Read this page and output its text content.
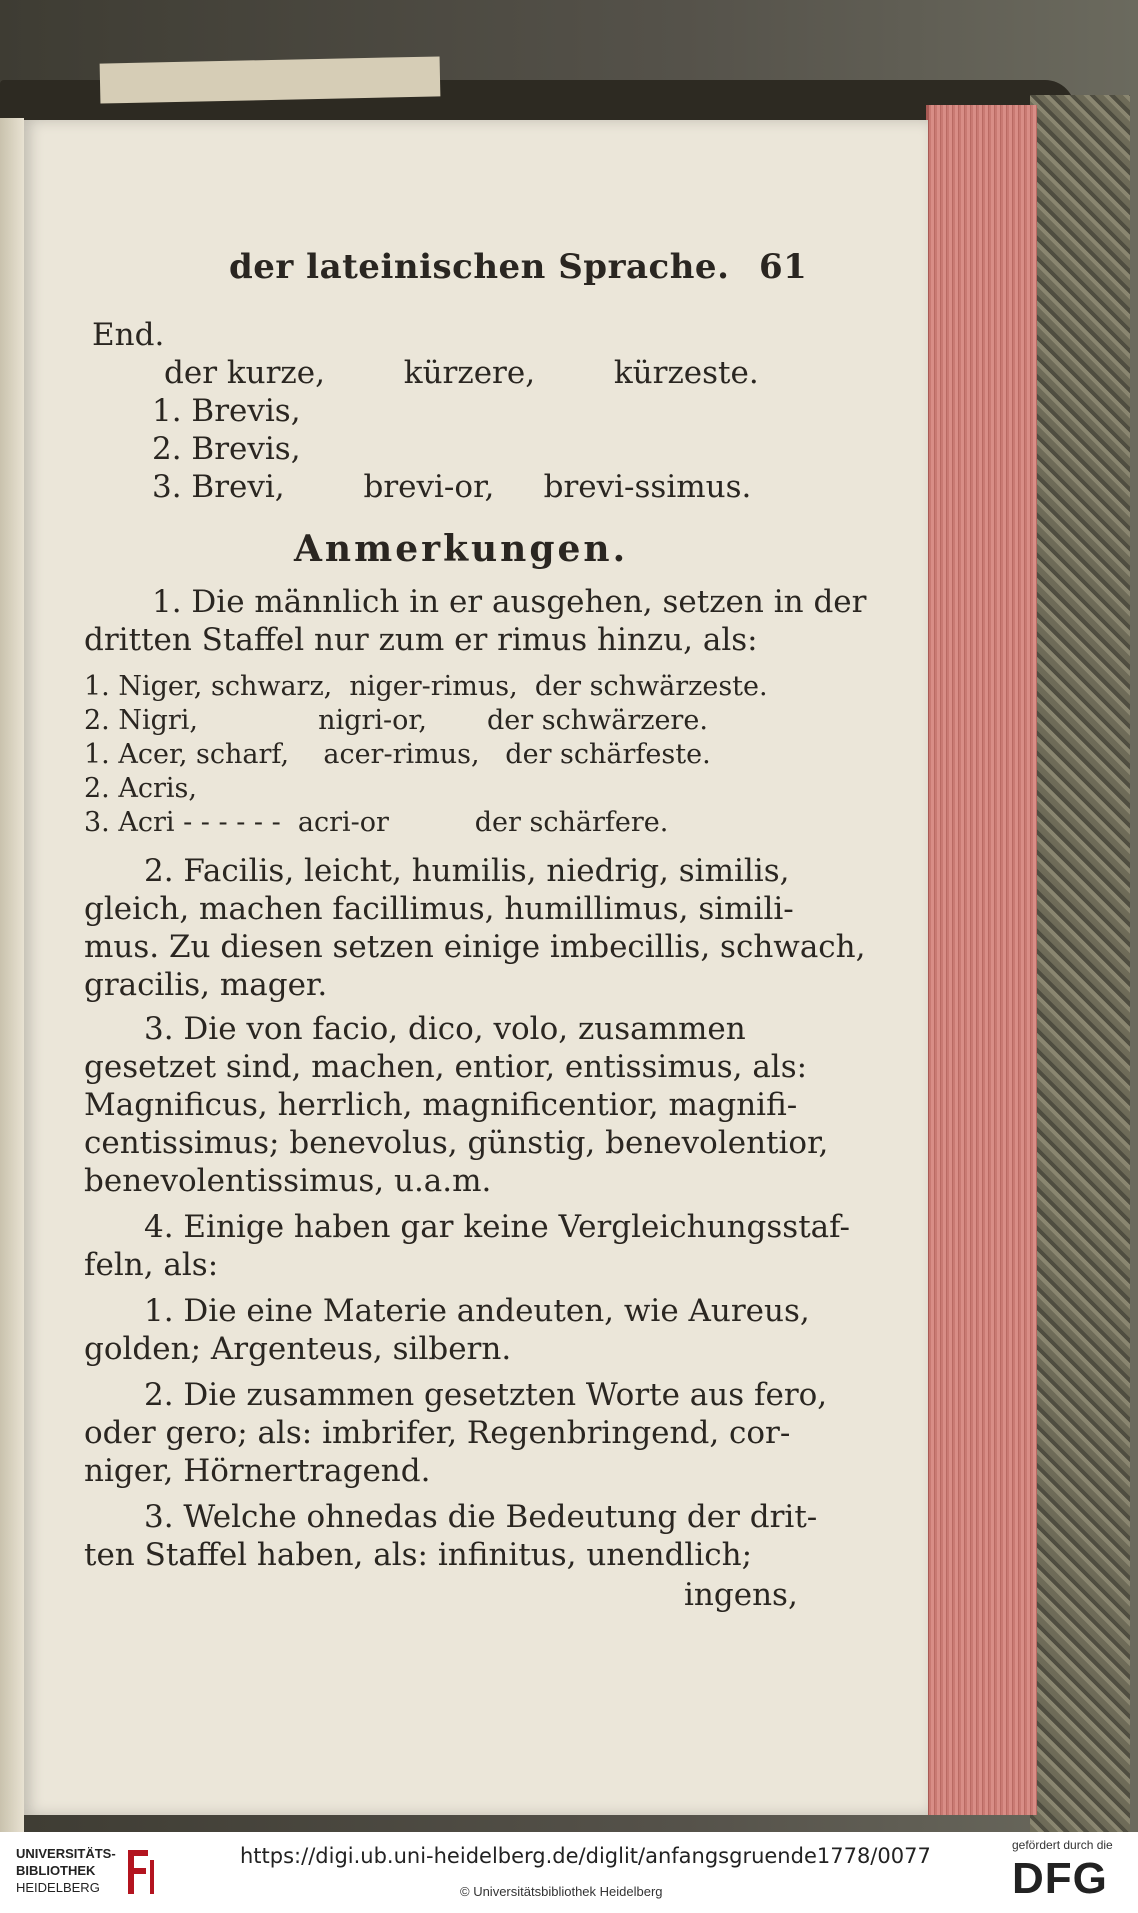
der lateinischen Sprache. 61

End.

der kurze,        kürzere,        kürzeste.

1. Brevis,

2. Brevis,

3. Brevi,        brevi-or,     brevi-ssimus.

Anmerkungen.

1. Die männlich in er ausgehen, setzen in der

dritten Staffel nur zum er rimus hinzu, als:

1. Niger, schwarz,  niger-rimus,  der schwärzeste.

2. Nigri,              nigri-or,       der schwärzere.

1. Acer, scharf,    acer-rimus,   der schärfeste.

2. Acris,

3. Acri - - - - - -  acri-or          der schärfere.

2. Facilis, leicht, humilis, niedrig, similis,

gleich, machen facillimus, humillimus, simili-

mus. Zu diesen setzen einige imbecillis, schwach,

gracilis, mager.

3. Die von facio, dico, volo, zusammen

gesetzet sind, machen, entior, entissimus, als:

Magnificus, herrlich, magnificentior, magnifi-

centissimus; benevolus, günstig, benevolentior,

benevolentissimus, u.a.m.

4. Einige haben gar keine Vergleichungsstaf-

feln, als:

1. Die eine Materie andeuten, wie Aureus,

golden; Argenteus, silbern.

2. Die zusammen gesetzten Worte aus fero,

oder gero; als: imbrifer, Regenbringend, cor-

niger, Hörnertragend.

3. Welche ohnedas die Bedeutung der drit-

ten Staffel haben, als: infinitus, unendlich;

ingens,

UNIVERSITÄTS-
BIBLIOTHEK
HEIDELBERG
https://digi.ub.uni-heidelberg.de/diglit/anfangsgruende1778/0077
© Universitätsbibliothek Heidelberg
gefördert durch die
DFG
